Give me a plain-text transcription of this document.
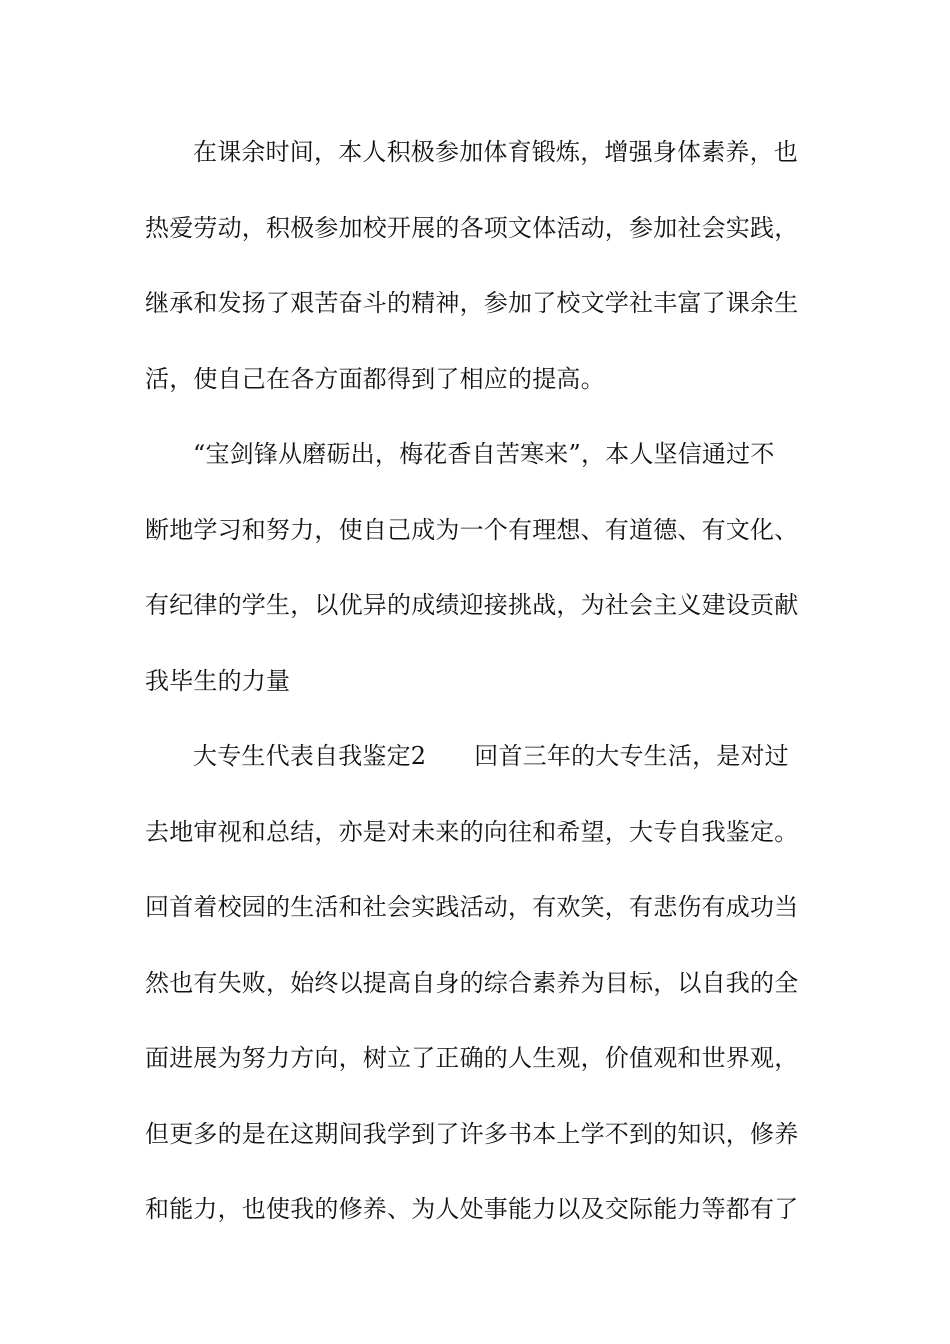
在课余时间，本人积极参加体育锻炼，增强身体素养，也
热爱劳动，积极参加校开展的各项文体活动，参加社会实践，
继承和发扬了艰苦奋斗的精神，参加了校文学社丰富了课余生
活，使自己在各方面都得到了相应的提高。
“宝剑锋从磨砺出，梅花香自苦寒来”，本人坚信通过不
断地学习和努力，使自己成为一个有理想、有道德、有文化、
有纪律的学生，以优异的成绩迎接挑战，为社会主义建设贡献
我毕生的力量
大专生代表自我鉴定2 回首三年的大专生活，是对过
去地审视和总结，亦是对未来的向往和希望，大专自我鉴定。
回首着校园的生活和社会实践活动，有欢笑，有悲伤有成功当
然也有失败，始终以提高自身的综合素养为目标，以自我的全
面进展为努力方向，树立了正确的人生观，价值观和世界观，
但更多的是在这期间我学到了许多书本上学不到的知识，修养
和能力，也使我的修养、为人处事能力以及交际能力等都有了
